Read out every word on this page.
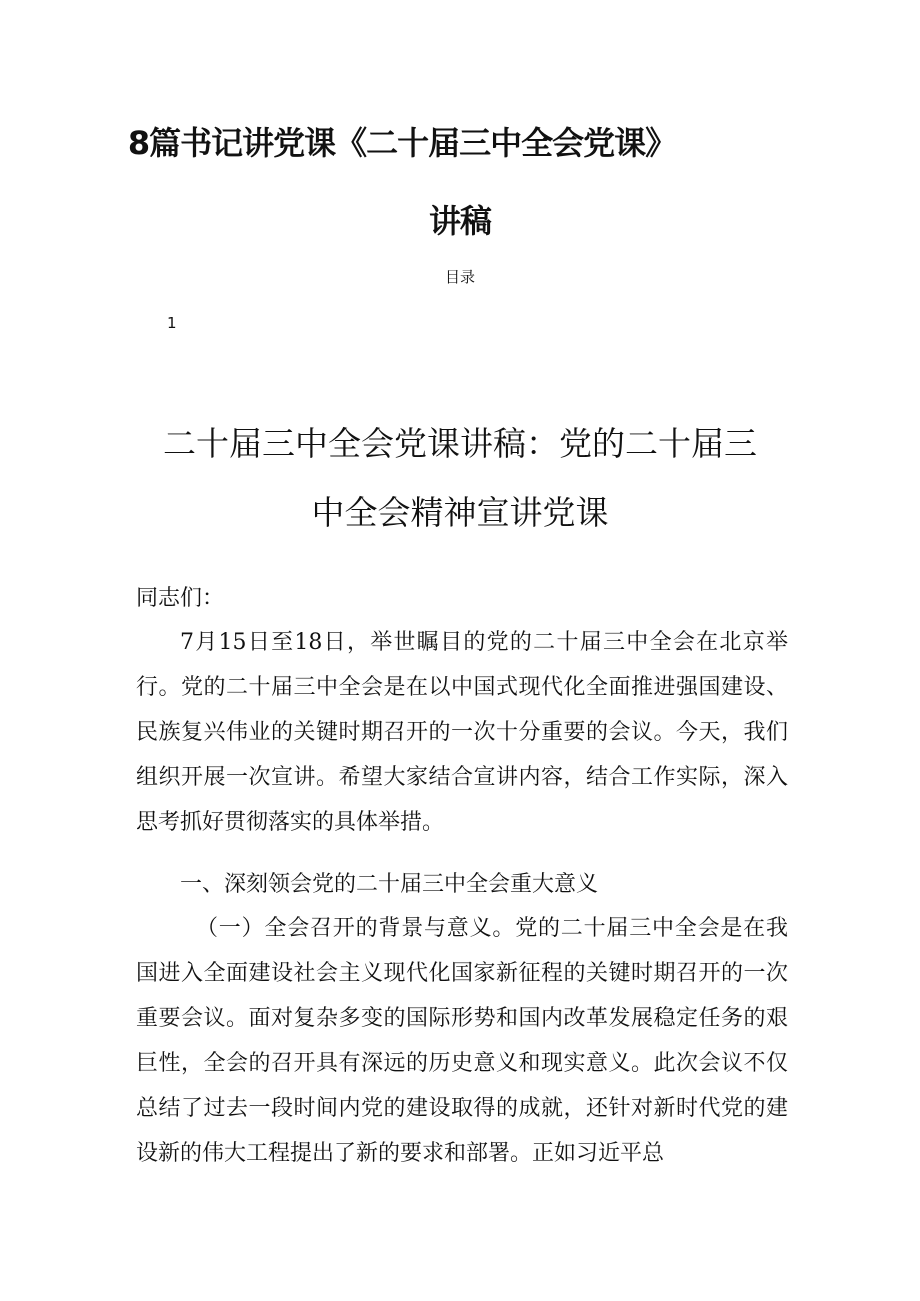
8篇书记讲党课《二十届三中全会党课》
讲稿
目录
1
二十届三中全会党课讲稿：党的二十届三
中全会精神宣讲党课

同志们：

7月15日至18日，举世瞩目的党的二十届三中全会在北京举行。党的二十届三中全会是在以中国式现代化全面推进强国建设、民族复兴伟业的关键时期召开的一次十分重要的会议。今天，我们组织开展一次宣讲。希望大家结合宣讲内容，结合工作实际，深入思考抓好贯彻落实的具体举措。

一、深刻领会党的二十届三中全会重大意义

（一）全会召开的背景与意义。党的二十届三中全会是在我国进入全面建设社会主义现代化国家新征程的关键时期召开的一次重要会议。面对复杂多变的国际形势和国内改革发展稳定任务的艰巨性，全会的召开具有深远的历史意义和现实意义。此次会议不仅总结了过去一段时间内党的建设取得的成就，还针对新时代党的建设新的伟大工程提出了新的要求和部署。正如习近平总
